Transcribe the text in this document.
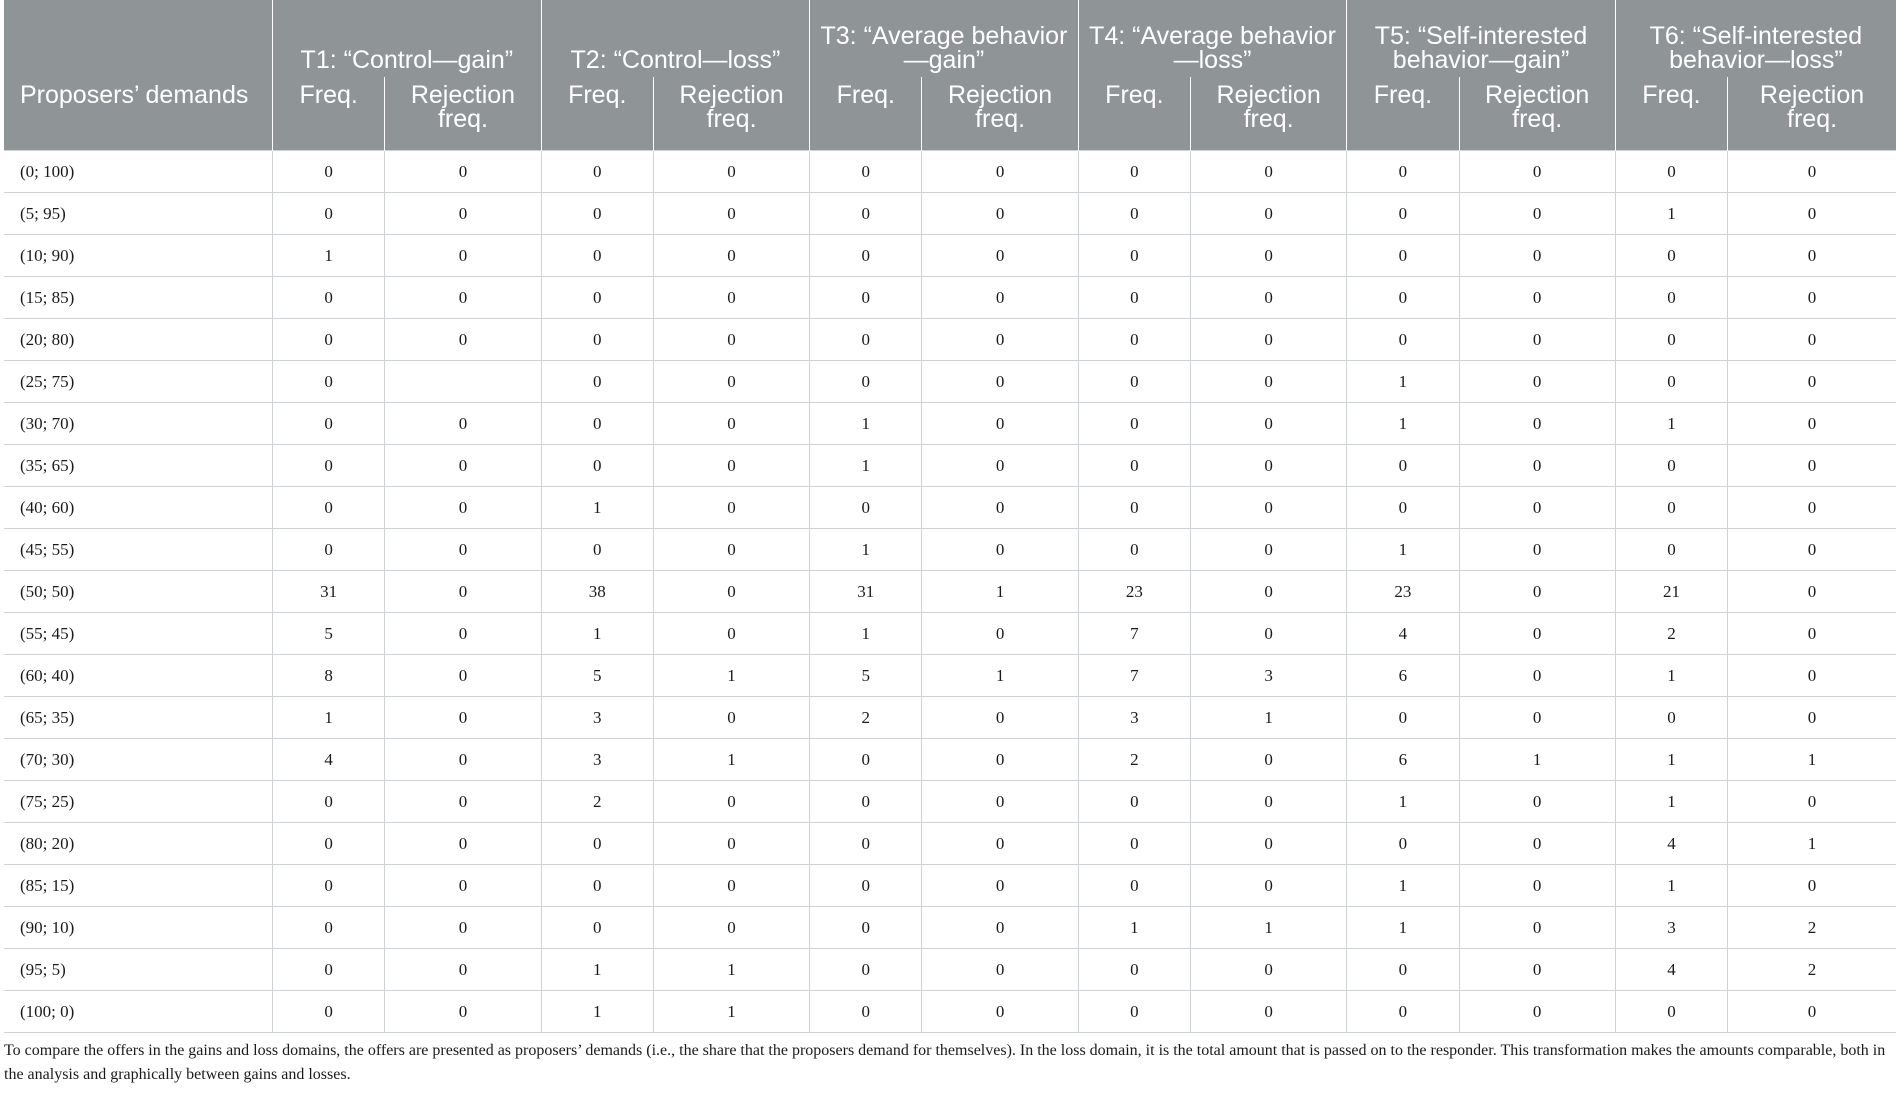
	T1: “Control—gain”		T2: “Control—loss”		T3: “Average behavior—gain”		T4: “Average behavior—loss”		T5: “Self-interested behavior—gain”		T6: “Self-interested behavior—loss”	
Proposers’ demands	Freq.	Rejection freq.	Freq.	Rejection freq.	Freq.	Rejection freq.	Freq.	Rejection freq.	Freq.	Rejection freq.	Freq.	Rejection freq.
(0; 100)	0	0	0	0	0	0	0	0	0	0	0	0
(5; 95)	0	0	0	0	0	0	0	0	0	0	1	0
(10; 90)	1	0	0	0	0	0	0	0	0	0	0	0
(15; 85)	0	0	0	0	0	0	0	0	0	0	0	0
(20; 80)	0	0	0	0	0	0	0	0	0	0	0	0
(25; 75)	0		0	0	0	0	0	0	1	0	0	0
(30; 70)	0	0	0	0	1	0	0	0	1	0	1	0
(35; 65)	0	0	0	0	1	0	0	0	0	0	0	0
(40; 60)	0	0	1	0	0	0	0	0	0	0	0	0
(45; 55)	0	0	0	0	1	0	0	0	1	0	0	0
(50; 50)	31	0	38	0	31	1	23	0	23	0	21	0
(55; 45)	5	0	1	0	1	0	7	0	4	0	2	0
(60; 40)	8	0	5	1	5	1	7	3	6	0	1	0
(65; 35)	1	0	3	0	2	0	3	1	0	0	0	0
(70; 30)	4	0	3	1	0	0	2	0	6	1	1	1
(75; 25)	0	0	2	0	0	0	0	0	1	0	1	0
(80; 20)	0	0	0	0	0	0	0	0	0	0	4	1
(85; 15)	0	0	0	0	0	0	0	0	1	0	1	0
(90; 10)	0	0	0	0	0	0	1	1	1	0	3	2
(95; 5)	0	0	1	1	0	0	0	0	0	0	4	2
(100; 0)	0	0	1	1	0	0	0	0	0	0	0	0
To compare the offers in the gains and loss domains, the offers are presented as proposers’ demands (i.e., the share that the proposers demand for themselves). In the loss domain, it is the total amount that is passed on to the responder. This transformation makes the amounts comparable, both in the analysis and graphically between gains and losses.
